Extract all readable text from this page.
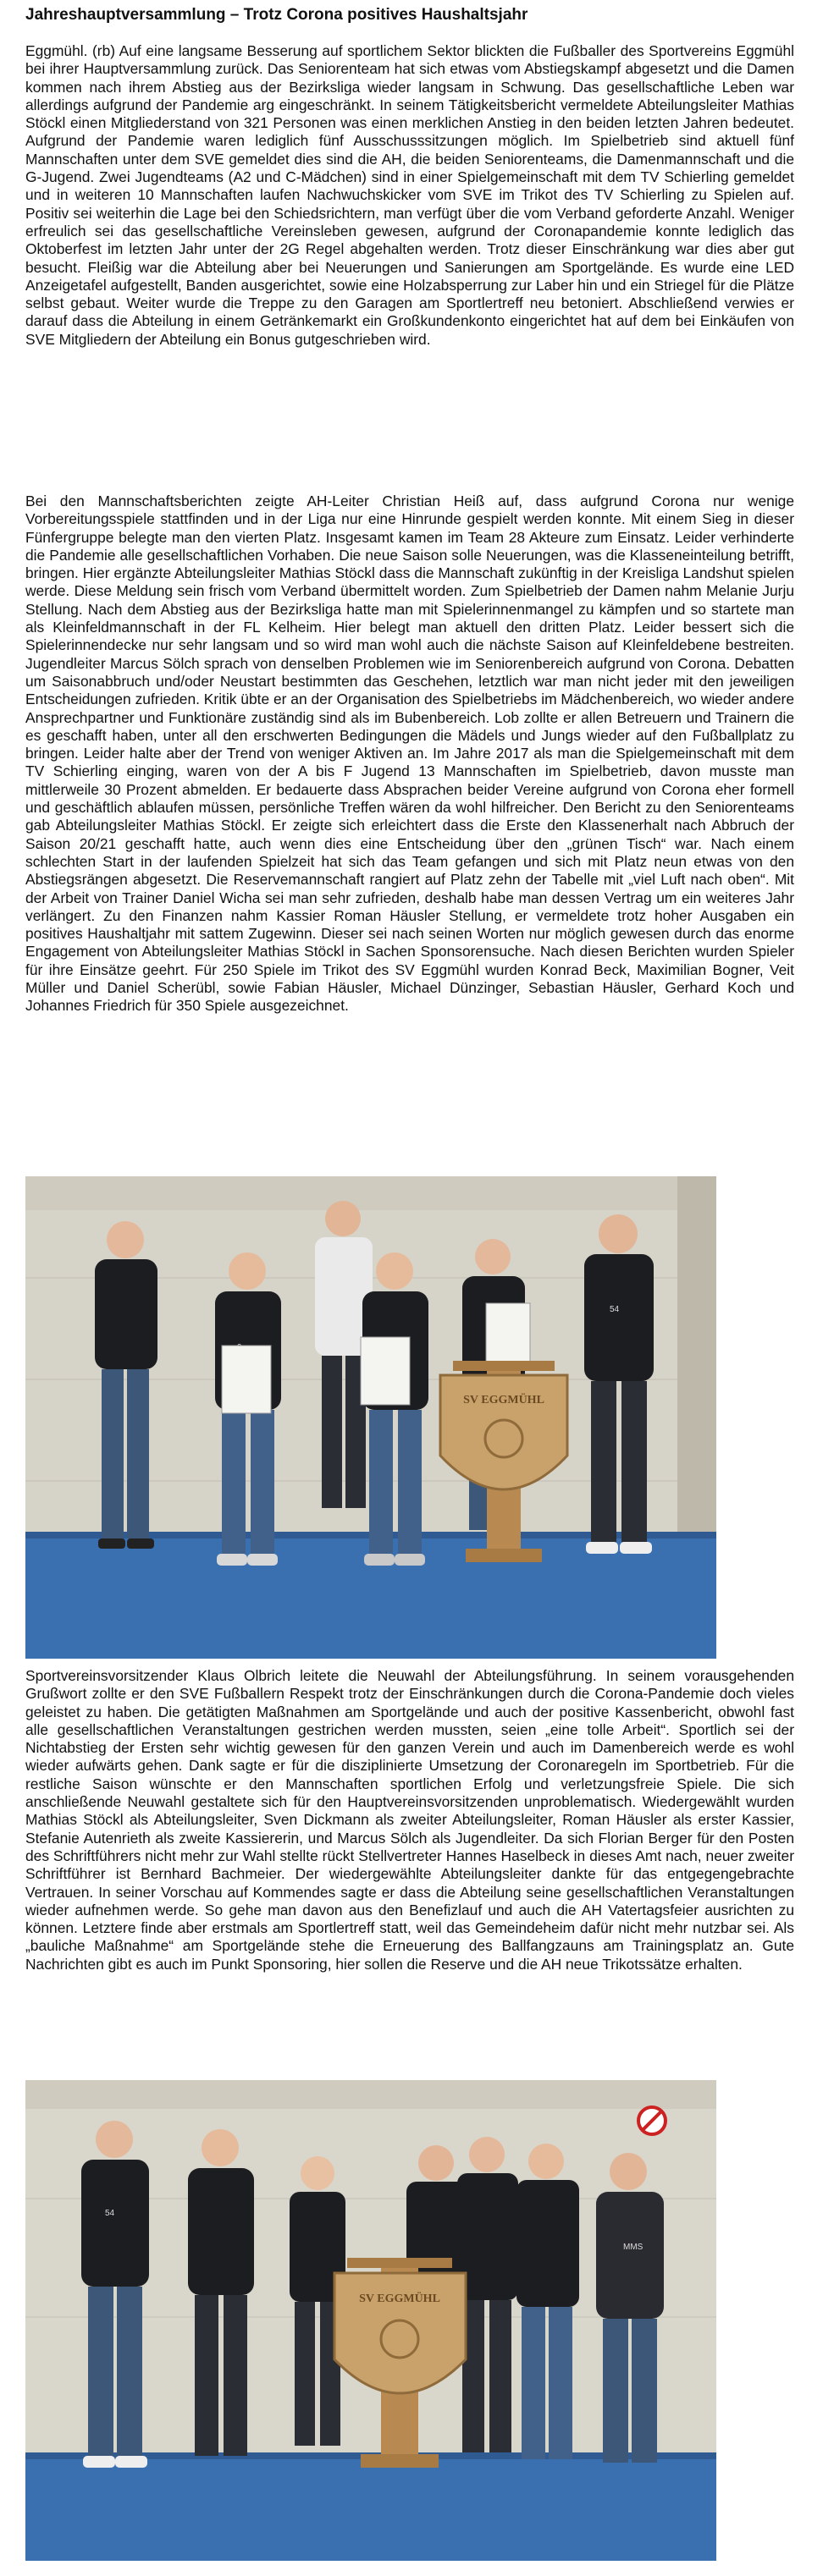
Jahreshauptversammlung – Trotz Corona positives Haushaltsjahr

Eggmühl. (rb) Auf eine langsame Besserung auf sportlichem Sektor blickten die Fußballer des Sportvereins Eggmühl bei ihrer Hauptversammlung zurück. Das Seniorenteam hat sich etwas vom Abstiegskampf abgesetzt und die Damen kommen nach ihrem Abstieg aus der Bezirksliga wieder langsam in Schwung. Das gesellschaftliche Leben war allerdings aufgrund der Pandemie arg eingeschränkt. In seinem Tätigkeitsbericht vermeldete Abteilungsleiter Mathias Stöckl einen Mitgliederstand von 321 Personen was einen merklichen Anstieg in den beiden letzten Jahren bedeutet. Aufgrund der Pandemie waren lediglich fünf Ausschusssitzungen möglich. Im Spielbetrieb sind aktuell fünf Mannschaften unter dem SVE gemeldet dies sind die AH, die beiden Seniorenteams, die Damenmannschaft und die G-Jugend. Zwei Jugendteams (A2 und C-Mädchen) sind in einer Spielgemeinschaft mit dem TV Schierling gemeldet und in weiteren 10 Mannschaften laufen Nachwuchskicker vom SVE im Trikot des TV Schierling zu Spielen auf. Positiv sei weiterhin die Lage bei den Schiedsrichtern, man verfügt über die vom Verband geforderte Anzahl. Weniger erfreulich sei das gesellschaftliche Vereinsleben gewesen, aufgrund der Coronapandemie konnte lediglich das Oktoberfest im letzten Jahr unter der 2G Regel abgehalten werden. Trotz dieser Einschränkung war dies aber gut besucht. Fleißig war die Abteilung aber bei Neuerungen und Sanierungen am Sportgelände. Es wurde eine LED Anzeigetafel aufgestellt, Banden ausgerichtet, sowie eine Holzabsperrung zur Laber hin und ein Striegel für die Plätze selbst gebaut. Weiter wurde die Treppe zu den Garagen am Sportlertreff neu betoniert. Abschließend verwies er darauf dass die Abteilung in einem Getränkemarkt ein Großkundenkonto eingerichtet hat auf dem bei Einkäufen von SVE Mitgliedern der Abteilung ein Bonus gutgeschrieben wird.

Bei den Mannschaftsberichten zeigte AH-Leiter Christian Heiß auf, dass aufgrund Corona nur wenige Vorbereitungsspiele stattfinden und in der Liga nur eine Hinrunde gespielt werden konnte. Mit einem Sieg in dieser Fünfergruppe belegte man den vierten Platz. Insgesamt kamen im Team 28 Akteure zum Einsatz. Leider verhinderte die Pandemie alle gesellschaftlichen Vorhaben. Die neue Saison solle Neuerungen, was die Klasseneinteilung betrifft, bringen. Hier ergänzte Abteilungsleiter Mathias Stöckl dass die Mannschaft zukünftig in der Kreisliga Landshut spielen werde. Diese Meldung sein frisch vom Verband übermittelt worden. Zum Spielbetrieb der Damen nahm Melanie Jurju Stellung. Nach dem Abstieg aus der Bezirksliga hatte man mit Spielerinnenmangel zu kämpfen und so startete man als Kleinfeldmannschaft in der FL Kelheim. Hier belegt man aktuell den dritten Platz. Leider bessert sich die Spielerinnendecke nur sehr langsam und so wird man wohl auch die nächste Saison auf Kleinfeldebene bestreiten. Jugendleiter Marcus Sölch sprach von denselben Problemen wie im Seniorenbereich aufgrund von Corona. Debatten um Saisonabbruch und/oder Neustart bestimmten das Geschehen, letztlich war man nicht jeder mit den jeweiligen Entscheidungen zufrieden. Kritik übte er an der Organisation des Spielbetriebs im Mädchenbereich, wo wieder andere Ansprechpartner und Funktionäre zuständig sind als im Bubenbereich. Lob zollte er allen Betreuern und Trainern die es geschafft haben, unter all den erschwerten Bedingungen die Mädels und Jungs wieder auf den Fußballplatz zu bringen. Leider halte aber der Trend von weniger Aktiven an. Im Jahre 2017 als man die Spielgemeinschaft mit dem TV Schierling einging, waren von der A bis F Jugend 13 Mannschaften im Spielbetrieb, davon musste man mittlerweile 30 Prozent abmelden. Er bedauerte dass Absprachen beider Vereine aufgrund von Corona eher formell und geschäftlich ablaufen müssen, persönliche Treffen wären da wohl hilfreicher. Den Bericht zu den Seniorenteams gab Abteilungsleiter Mathias Stöckl. Er zeigte sich erleichtert dass die Erste den Klassenerhalt nach Abbruch der Saison 20/21 geschafft hatte, auch wenn dies eine Entscheidung über den „grünen Tisch“ war. Nach einem schlechten Start in der laufenden Spielzeit hat sich das Team gefangen und sich mit Platz neun etwas von den Abstiegsrängen abgesetzt. Die Reservemannschaft rangiert auf Platz zehn der Tabelle mit „viel Luft nach oben“. Mit der Arbeit von Trainer Daniel Wicha sei man sehr zufrieden, deshalb habe man dessen Vertrag um ein weiteres Jahr verlängert. Zu den Finanzen nahm Kassier Roman Häusler Stellung, er vermeldete trotz hoher Ausgaben ein positives Haushaltjahr mit sattem Zugewinn. Dieser sei nach seinen Worten nur möglich gewesen durch das enorme Engagement von Abteilungsleiter Mathias Stöckl in Sachen Sponsorensuche. Nach diesen Berichten wurden Spieler für ihre Einsätze geehrt. Für 250 Spiele im Trikot des SV Eggmühl wurden Konrad Beck, Maximilian Bogner, Veit Müller und Daniel Scherübl, sowie Fabian Häusler, Michael Dünzinger, Sebastian Häusler, Gerhard Koch und Johannes Friedrich für 350 Spiele ausgezeichnet.

54
SV EGGMÜHL

Sportvereinsvorsitzender Klaus Olbrich leitete die Neuwahl der Abteilungsführung. In seinem vorausgehenden Grußwort zollte er den SVE Fußballern Respekt trotz der Einschränkungen durch die Corona-Pandemie doch vieles geleistet zu haben. Die getätigten Maßnahmen am Sportgelände und auch der positive Kassenbericht, obwohl fast alle gesellschaftlichen Veranstaltungen gestrichen werden mussten, seien „eine tolle Arbeit“. Sportlich sei der Nichtabstieg der Ersten sehr wichtig gewesen für den ganzen Verein und auch im Damenbereich werde es wohl wieder aufwärts gehen. Dank sagte er für die disziplinierte Umsetzung der Coronaregeln im Sportbetrieb. Für die restliche Saison wünschte er den Mannschaften sportlichen Erfolg und verletzungsfreie Spiele. Die sich anschließende Neuwahl gestaltete sich für den Hauptvereinsvorsitzenden unproblematisch. Wiedergewählt wurden Mathias Stöckl als Abteilungsleiter, Sven Dickmann als zweiter Abteilungsleiter, Roman Häusler als erster Kassier, Stefanie Autenrieth als zweite Kassiererin, und Marcus Sölch als Jugendleiter. Da sich Florian Berger für den Posten des Schriftführers nicht mehr zur Wahl stellte rückt Stellvertreter Hannes Haselbeck in dieses Amt nach, neuer zweiter Schriftführer ist Bernhard Bachmeier. Der wiedergewählte Abteilungsleiter dankte für das entgegengebrachte Vertrauen. In seiner Vorschau auf Kommendes sagte er dass die Abteilung seine gesellschaftlichen Veranstaltungen wieder aufnehmen werde. So gehe man davon aus den Benefizlauf und auch die AH Vatertagsfeier ausrichten zu können. Letztere finde aber erstmals am Sportlertreff statt, weil das Gemeindeheim dafür nicht mehr nutzbar sei. Als „bauliche Maßnahme“ am Sportgelände stehe die Erneuerung des Ballfangzauns am Trainingsplatz an. Gute Nachrichten gibt es auch im Punkt Sponsoring, hier sollen die Reserve und die AH neue Trikotssätze erhalten.

54
MMS
SV EGGMÜHL
